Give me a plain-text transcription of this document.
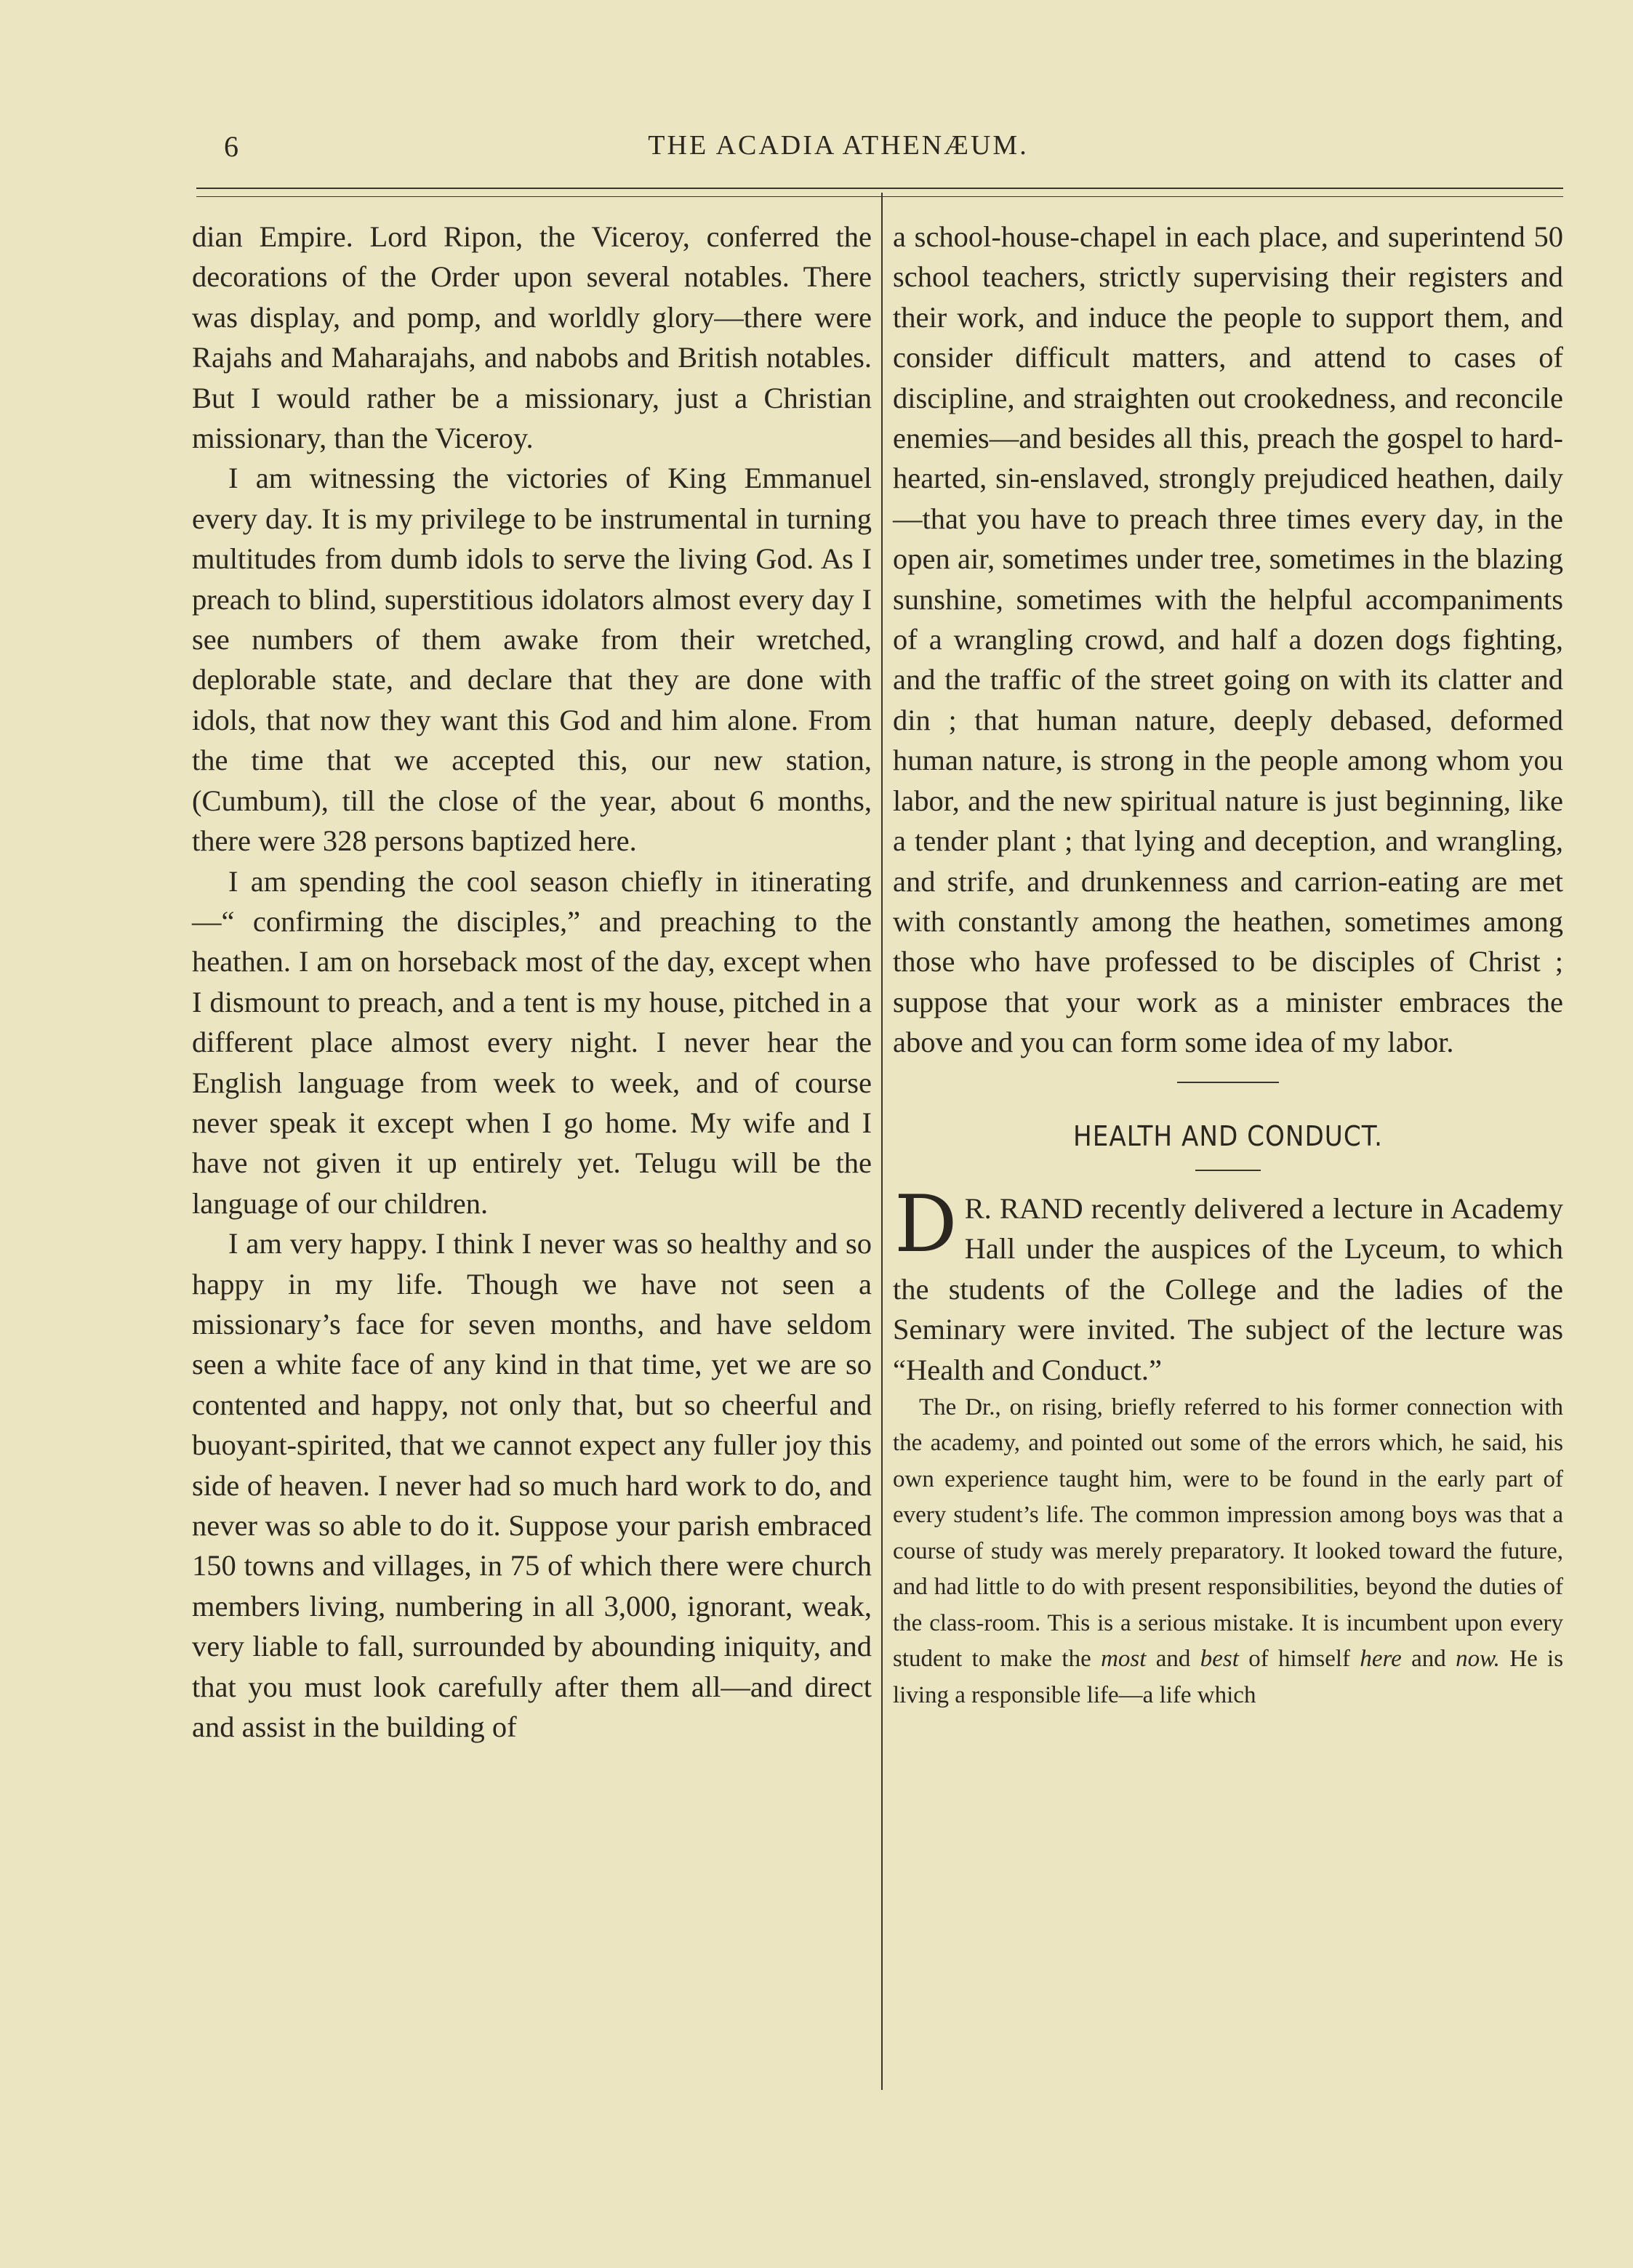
6	THE ACADIA ATHENÆUM.

dian Empire. Lord Ripon, the Viceroy, conferred the decorations of the Order upon several notables. There was display, and pomp, and worldly glory—there were Rajahs and Maharajahs, and nabobs and British notables. But I would rather be a missionary, just a Christian missionary, than the Viceroy.

I am witnessing the victories of King Emmanuel every day. It is my privilege to be instrumental in turning multitudes from dumb idols to serve the living God. As I preach to blind, superstitious idolators almost every day I see numbers of them awake from their wretched, deplorable state, and declare that they are done with idols, that now they want this God and him alone. From the time that we accepted this, our new station, (Cumbum), till the close of the year, about 6 months, there were 328 persons baptized here.

I am spending the cool season chiefly in itinerating—“ confirming the disciples,” and preaching to the heathen. I am on horseback most of the day, except when I dismount to preach, and a tent is my house, pitched in a different place almost every night. I never hear the English language from week to week, and of course never speak it except when I go home. My wife and I have not given it up entirely yet. Telugu will be the language of our children.

I am very happy. I think I never was so healthy and so happy in my life. Though we have not seen a missionary’s face for seven months, and have seldom seen a white face of any kind in that time, yet we are so contented and happy, not only that, but so cheerful and buoyant-spirited, that we cannot expect any fuller joy this side of heaven. I never had so much hard work to do, and never was so able to do it. Suppose your parish embraced 150 towns and villages, in 75 of which there were church members living, numbering in all 3,000, ignorant, weak, very liable to fall, surrounded by abounding iniquity, and that you must look carefully after them all—and direct and assist in the building of

a school-house-chapel in each place, and superintend 50 school teachers, strictly supervising their registers and their work, and induce the people to support them, and consider difficult matters, and attend to cases of discipline, and straighten out crookedness, and reconcile enemies—and besides all this, preach the gospel to hard-hearted, sin-enslaved, strongly prejudiced heathen, daily—that you have to preach three times every day, in the open air, sometimes under tree, sometimes in the blazing sunshine, sometimes with the helpful accompaniments of a wrangling crowd, and half a dozen dogs fighting, and the traffic of the street going on with its clatter and din ; that human nature, deeply debased, deformed human nature, is strong in the people among whom you labor, and the new spiritual nature is just beginning, like a tender plant ; that lying and deception, and wrangling, and strife, and drunkenness and carrion-eating are met with constantly among the heathen, sometimes among those who have professed to be disciples of Christ ; suppose that your work as a minister embraces the above and you can form some idea of my labor.

HEALTH AND CONDUCT.

D R. RAND recently delivered a lecture in Academy Hall under the auspices of the Lyceum, to which the students of the College and the ladies of the Seminary were invited. The subject of the lecture was “Health and Conduct.”

The Dr., on rising, briefly referred to his former connection with the academy, and pointed out some of the errors which, he said, his own experience taught him, were to be found in the early part of every student’s life. The common impression among boys was that a course of study was merely preparatory. It looked toward the future, and had little to do with present responsibilities, beyond the duties of the class-room. This is a serious mistake. It is incumbent upon every student to make the most and best of himself here and now. He is living a responsible life—a life which
